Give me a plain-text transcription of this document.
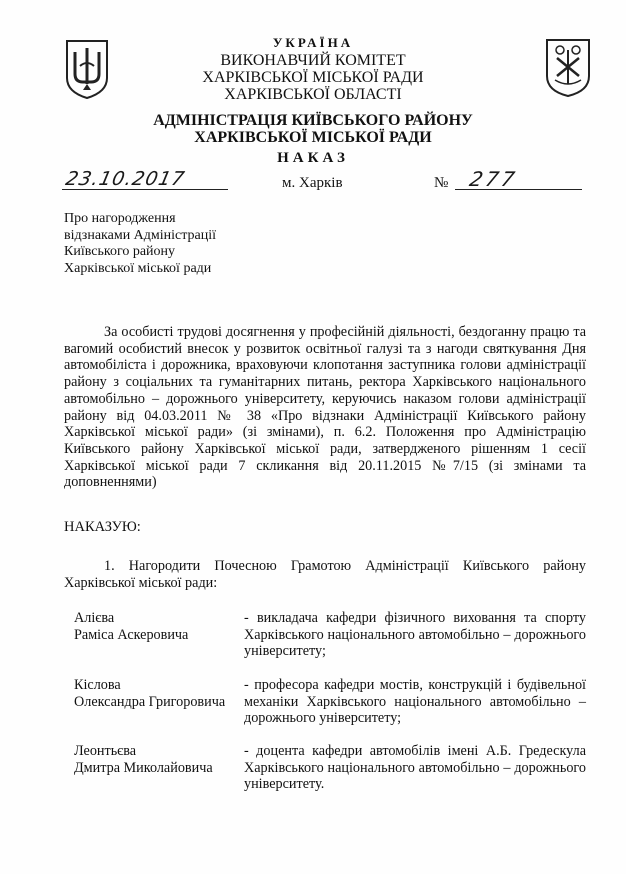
УКРАЇНА
ВИКОНАВЧИЙ КОМІТЕТ
ХАРКІВСЬКОЇ МІСЬКОЇ РАДИ
ХАРКІВСЬКОЇ ОБЛАСТІ
АДМІНІСТРАЦІЯ КИЇВСЬКОГО РАЙОНУ
ХАРКІВСЬКОЇ МІСЬКОЇ РАДИ
НАКАЗ
23.10.2017	м. Харків	№ 277
Про нагородження
відзнаками Адміністрації
Київського району
Харківської міської ради

За особисті трудові досягнення у професійній діяльності, бездоганну працю та вагомий особистий внесок у розвиток освітньої галузі та з нагоди святкування Дня автомобіліста і дорожника, враховуючи клопотання заступника голови адміністрації району з соціальних та гуманітарних питань, ректора Харківського національного автомобільно – дорожнього університету, керуючись наказом голови адміністрації району від 04.03.2011 № 38 «Про відзнаки Адміністрації Київського району Харківської міської ради» (зі змінами), п. 6.2. Положення про Адміністрацію Київського району Харківської міської ради, затвердженого рішенням 1 сесії Харківської міської ради 7 скликання від 20.11.2015 №7/15 (зі змінами та доповненнями)

НАКАЗУЮ:

1. Нагородити Почесною Грамотою Адміністрації Київського району Харківської міської ради:

Алієва
Раміса Аскеровича
- викладача кафедри фізичного виховання та спорту Харківського національного автомобільно – дорожнього університету;
Кіслова
Олександра Григоровича
- професора кафедри мостів, конструкцій і будівельної механіки Харківського національного автомобільно – дорожнього університету;
Леонтьєва
Дмитра Миколайовича
- доцента кафедри автомобілів імені А.Б. Гредескула Харківського національного автомобільно – дорожнього університету.
